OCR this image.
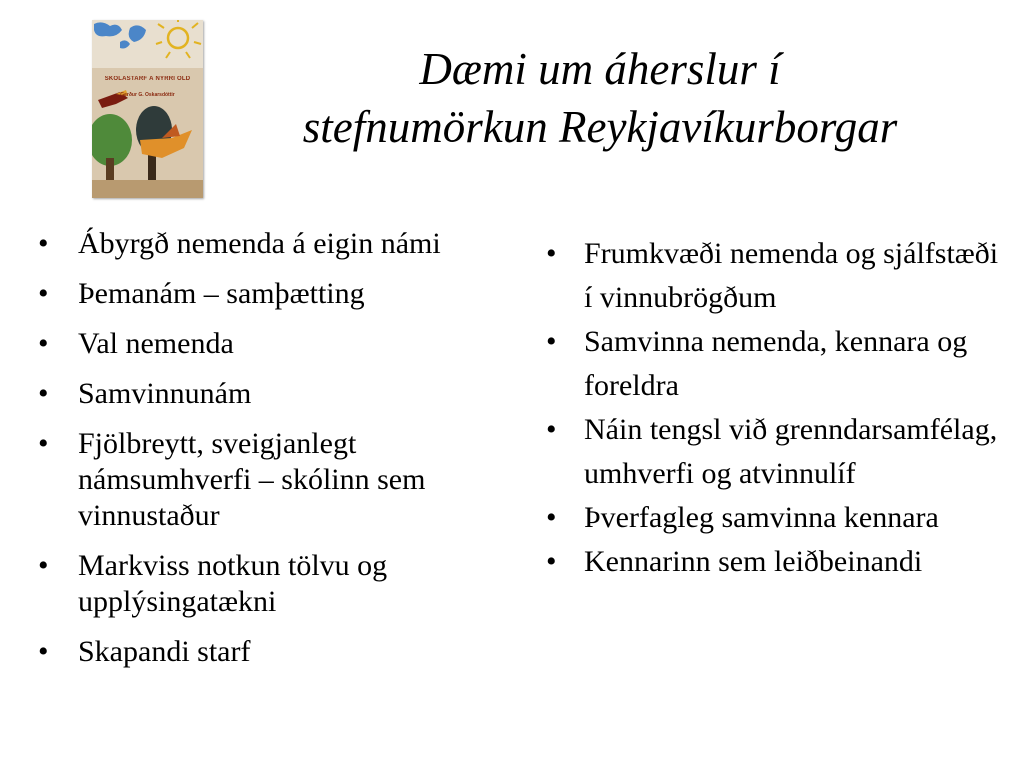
SKÓLASTARF Á NÝRRI ÖLD
Gerður G. Óskarsdóttir
Dæmi um áherslur í
stefnumörkun Reykjavíkurborgar
• Ábyrgð nemenda á eigin námi
• Þemanám – samþætting
• Val nemenda
• Samvinnunám
• Fjölbreytt, sveigjanlegt námsumhverfi – skólinn sem vinnustaður
• Markviss notkun tölvu og upplýsingatækni
• Skapandi starf
• Frumkvæði nemenda og sjálfstæði í vinnubrögðum
• Samvinna nemenda, kennara og foreldra
• Náin tengsl við grenndarsamfélag, umhverfi og atvinnulíf
• Þverfagleg samvinna kennara
• Kennarinn sem leiðbeinandi
